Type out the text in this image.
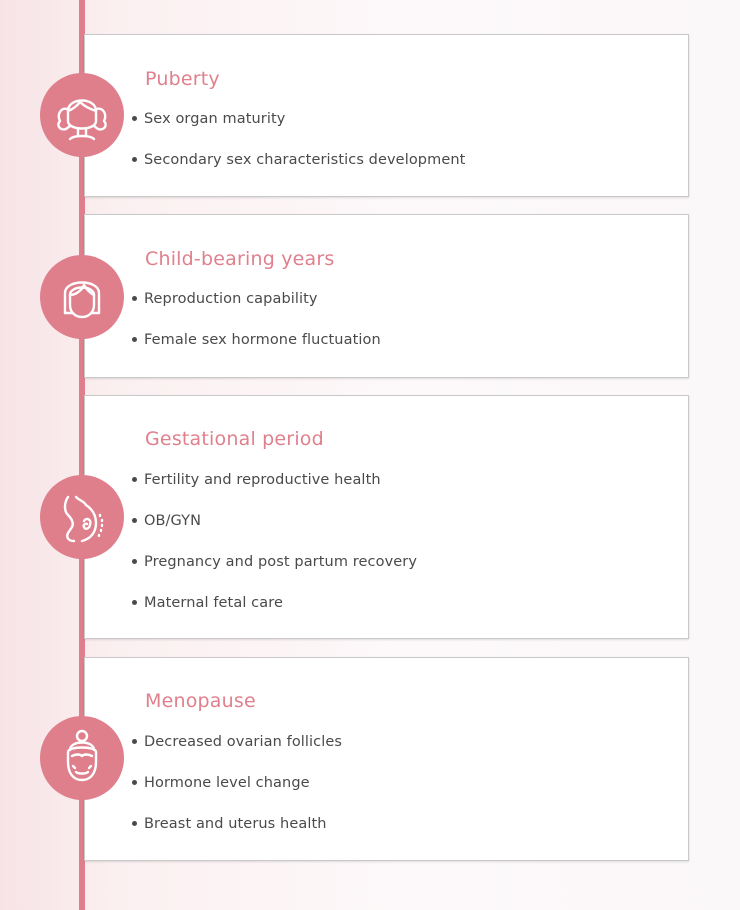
Puberty
Sex organ maturity
Secondary sex characteristics development
Child-bearing years
Reproduction capability
Female sex hormone fluctuation
Gestational period
Fertility and reproductive health
OB/GYN
Pregnancy and post partum recovery
Maternal fetal care
Menopause
Decreased ovarian follicles
Hormone level change
Breast and uterus health
